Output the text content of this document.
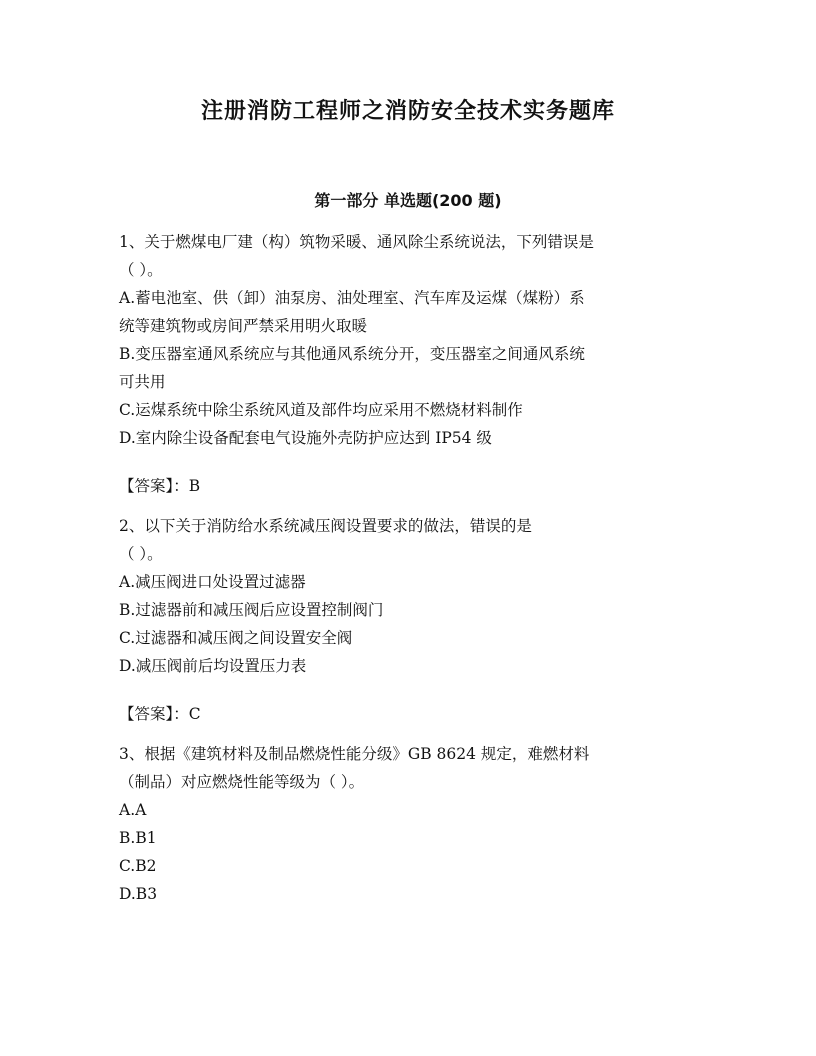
注册消防工程师之消防安全技术实务题库
第一部分 单选题(200 题)
1、关于燃煤电厂建（构）筑物采暖、通风除尘系统说法，下列错误是
（ ）。
A.蓄电池室、供（卸）油泵房、油处理室、汽车库及运煤（煤粉）系
统等建筑物或房间严禁采用明火取暖
B.变压器室通风系统应与其他通风系统分开，变压器室之间通风系统
可共用
C.运煤系统中除尘系统风道及部件均应采用不燃烧材料制作
D.室内除尘设备配套电气设施外壳防护应达到 IP54 级
【答案】：B
2、以下关于消防给水系统减压阀设置要求的做法，错误的是
（ ）。
A.减压阀进口处设置过滤器
B.过滤器前和减压阀后应设置控制阀门
C.过滤器和减压阀之间设置安全阀
D.减压阀前后均设置压力表
【答案】：C
3、根据《建筑材料及制品燃烧性能分级》GB 8624 规定，难燃材料
（制品）对应燃烧性能等级为（ ）。
A.A
B.B1
C.B2
D.B3
